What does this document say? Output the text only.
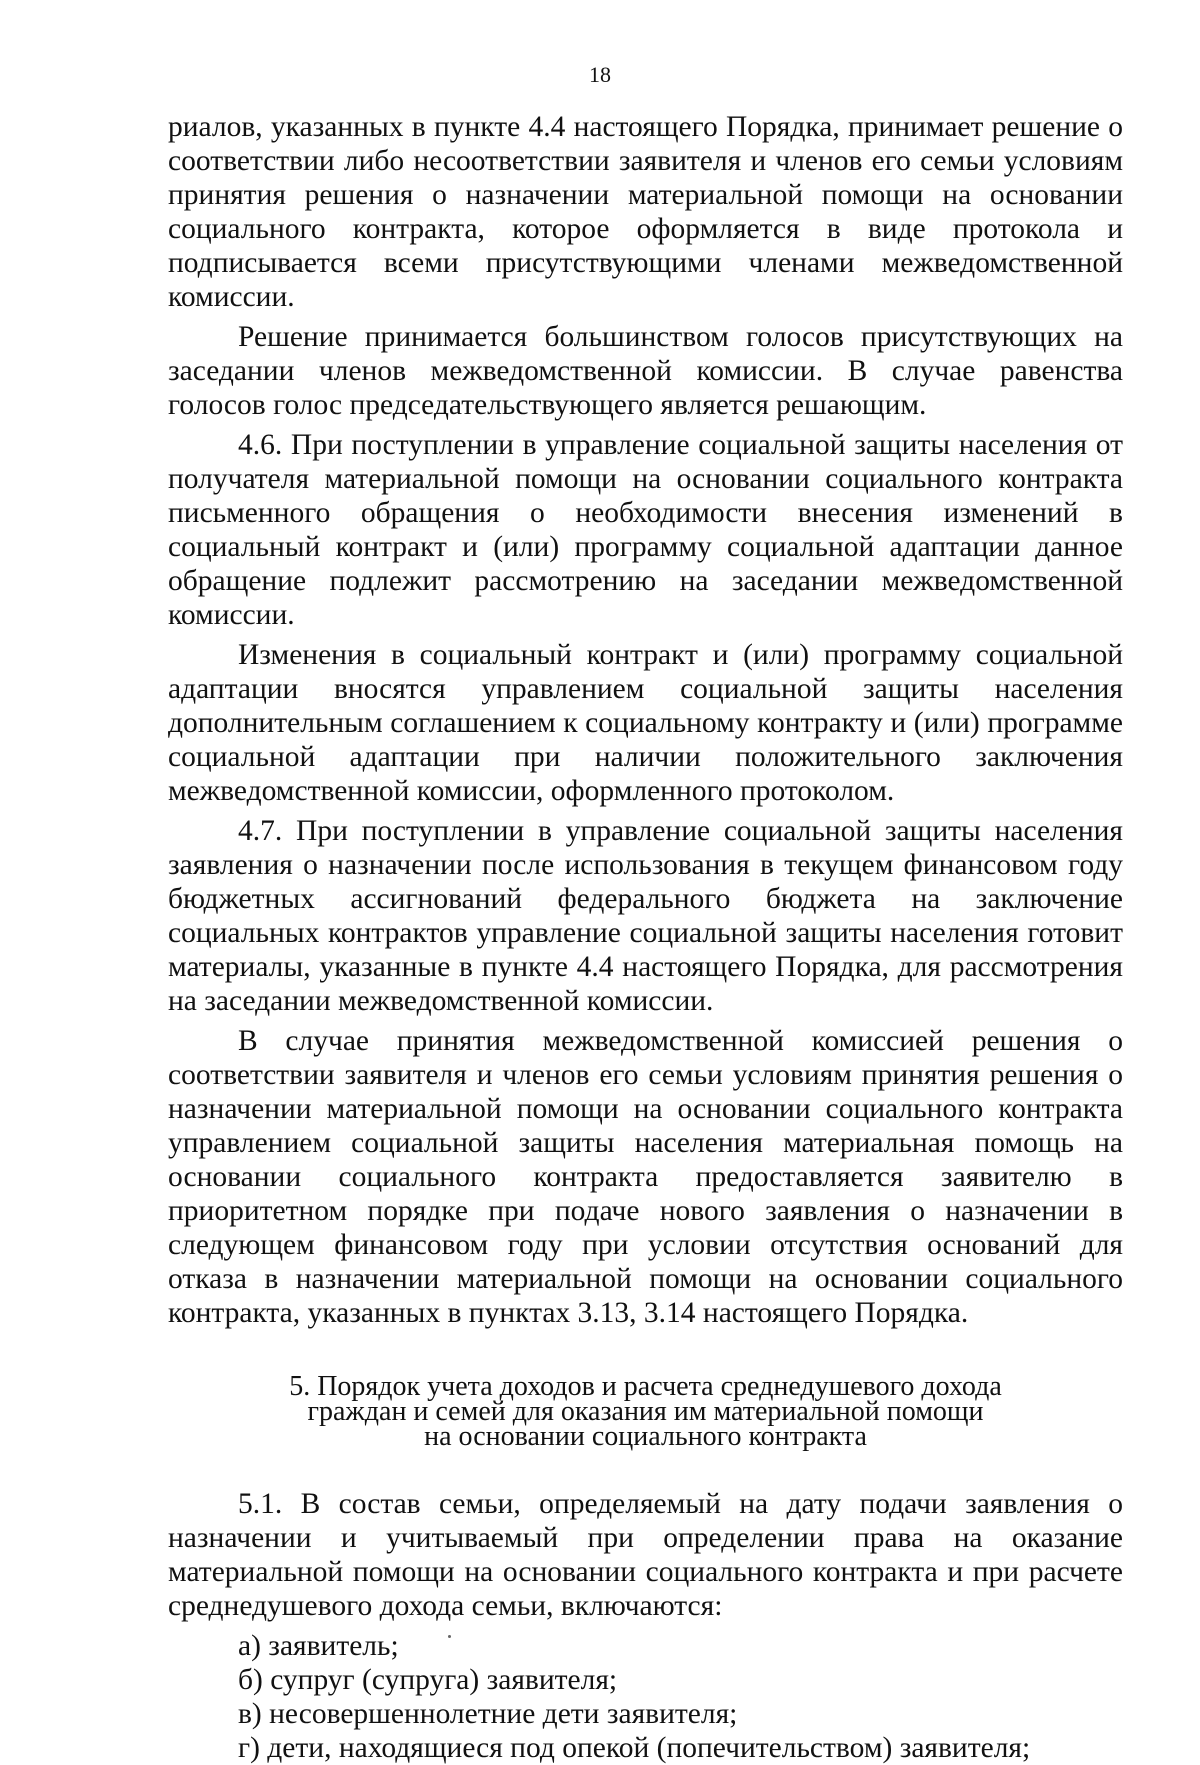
18

риалов, указанных в пункте 4.4 настоящего Порядка, принимает решение о соответствии либо несоответствии заявителя и членов его семьи условиям принятия решения о назначении материальной помощи на основании социального контракта, которое оформляется в виде протокола и подписывается всеми присутствующими членами межведомственной комиссии.

Решение принимается большинством голосов присутствующих на заседании членов межведомственной комиссии. В случае равенства голосов голос председательствующего является решающим.

4.6. При поступлении в управление социальной защиты населения от получателя материальной помощи на основании социального контракта письменного обращения о необходимости внесения изменений в социальный контракт и (или) программу социальной адаптации данное обращение подлежит рассмотрению на заседании межведомственной комиссии.

Изменения в социальный контракт и (или) программу социальной адаптации вносятся управлением социальной защиты населения дополнительным соглашением к социальному контракту и (или) программе социальной адаптации при наличии положительного заключения межведомственной комиссии, оформленного протоколом.

4.7. При поступлении в управление социальной защиты населения заявления о назначении после использования в текущем финансовом году бюджетных ассигнований федерального бюджета на заключение социальных контрактов управление социальной защиты населения готовит материалы, указанные в пункте 4.4 настоящего Порядка, для рассмотрения на заседании межведомственной комиссии.

В случае принятия межведомственной комиссией решения о соответствии заявителя и членов его семьи условиям принятия решения о назначении материальной помощи на основании социального контракта управлением социальной защиты населения материальная помощь на основании социального контракта предоставляется заявителю в приоритетном порядке при подаче нового заявления о назначении в следующем финансовом году при условии отсутствия оснований для отказа в назначении материальной помощи на основании социального контракта, указанных в пунктах 3.13, 3.14 настоящего Порядка.

5. Порядок учета доходов и расчета среднедушевого дохода
граждан и семей для оказания им материальной помощи
на основании социального контракта

5.1. В состав семьи, определяемый на дату подачи заявления о назначении и учитываемый при определении права на оказание материальной помощи на основании социального контракта и при расчете среднедушевого дохода семьи, включаются:

а) заявитель;
б) супруг (супруга) заявителя;
в) несовершеннолетние дети заявителя;
г) дети, находящиеся под опекой (попечительством) заявителя;
